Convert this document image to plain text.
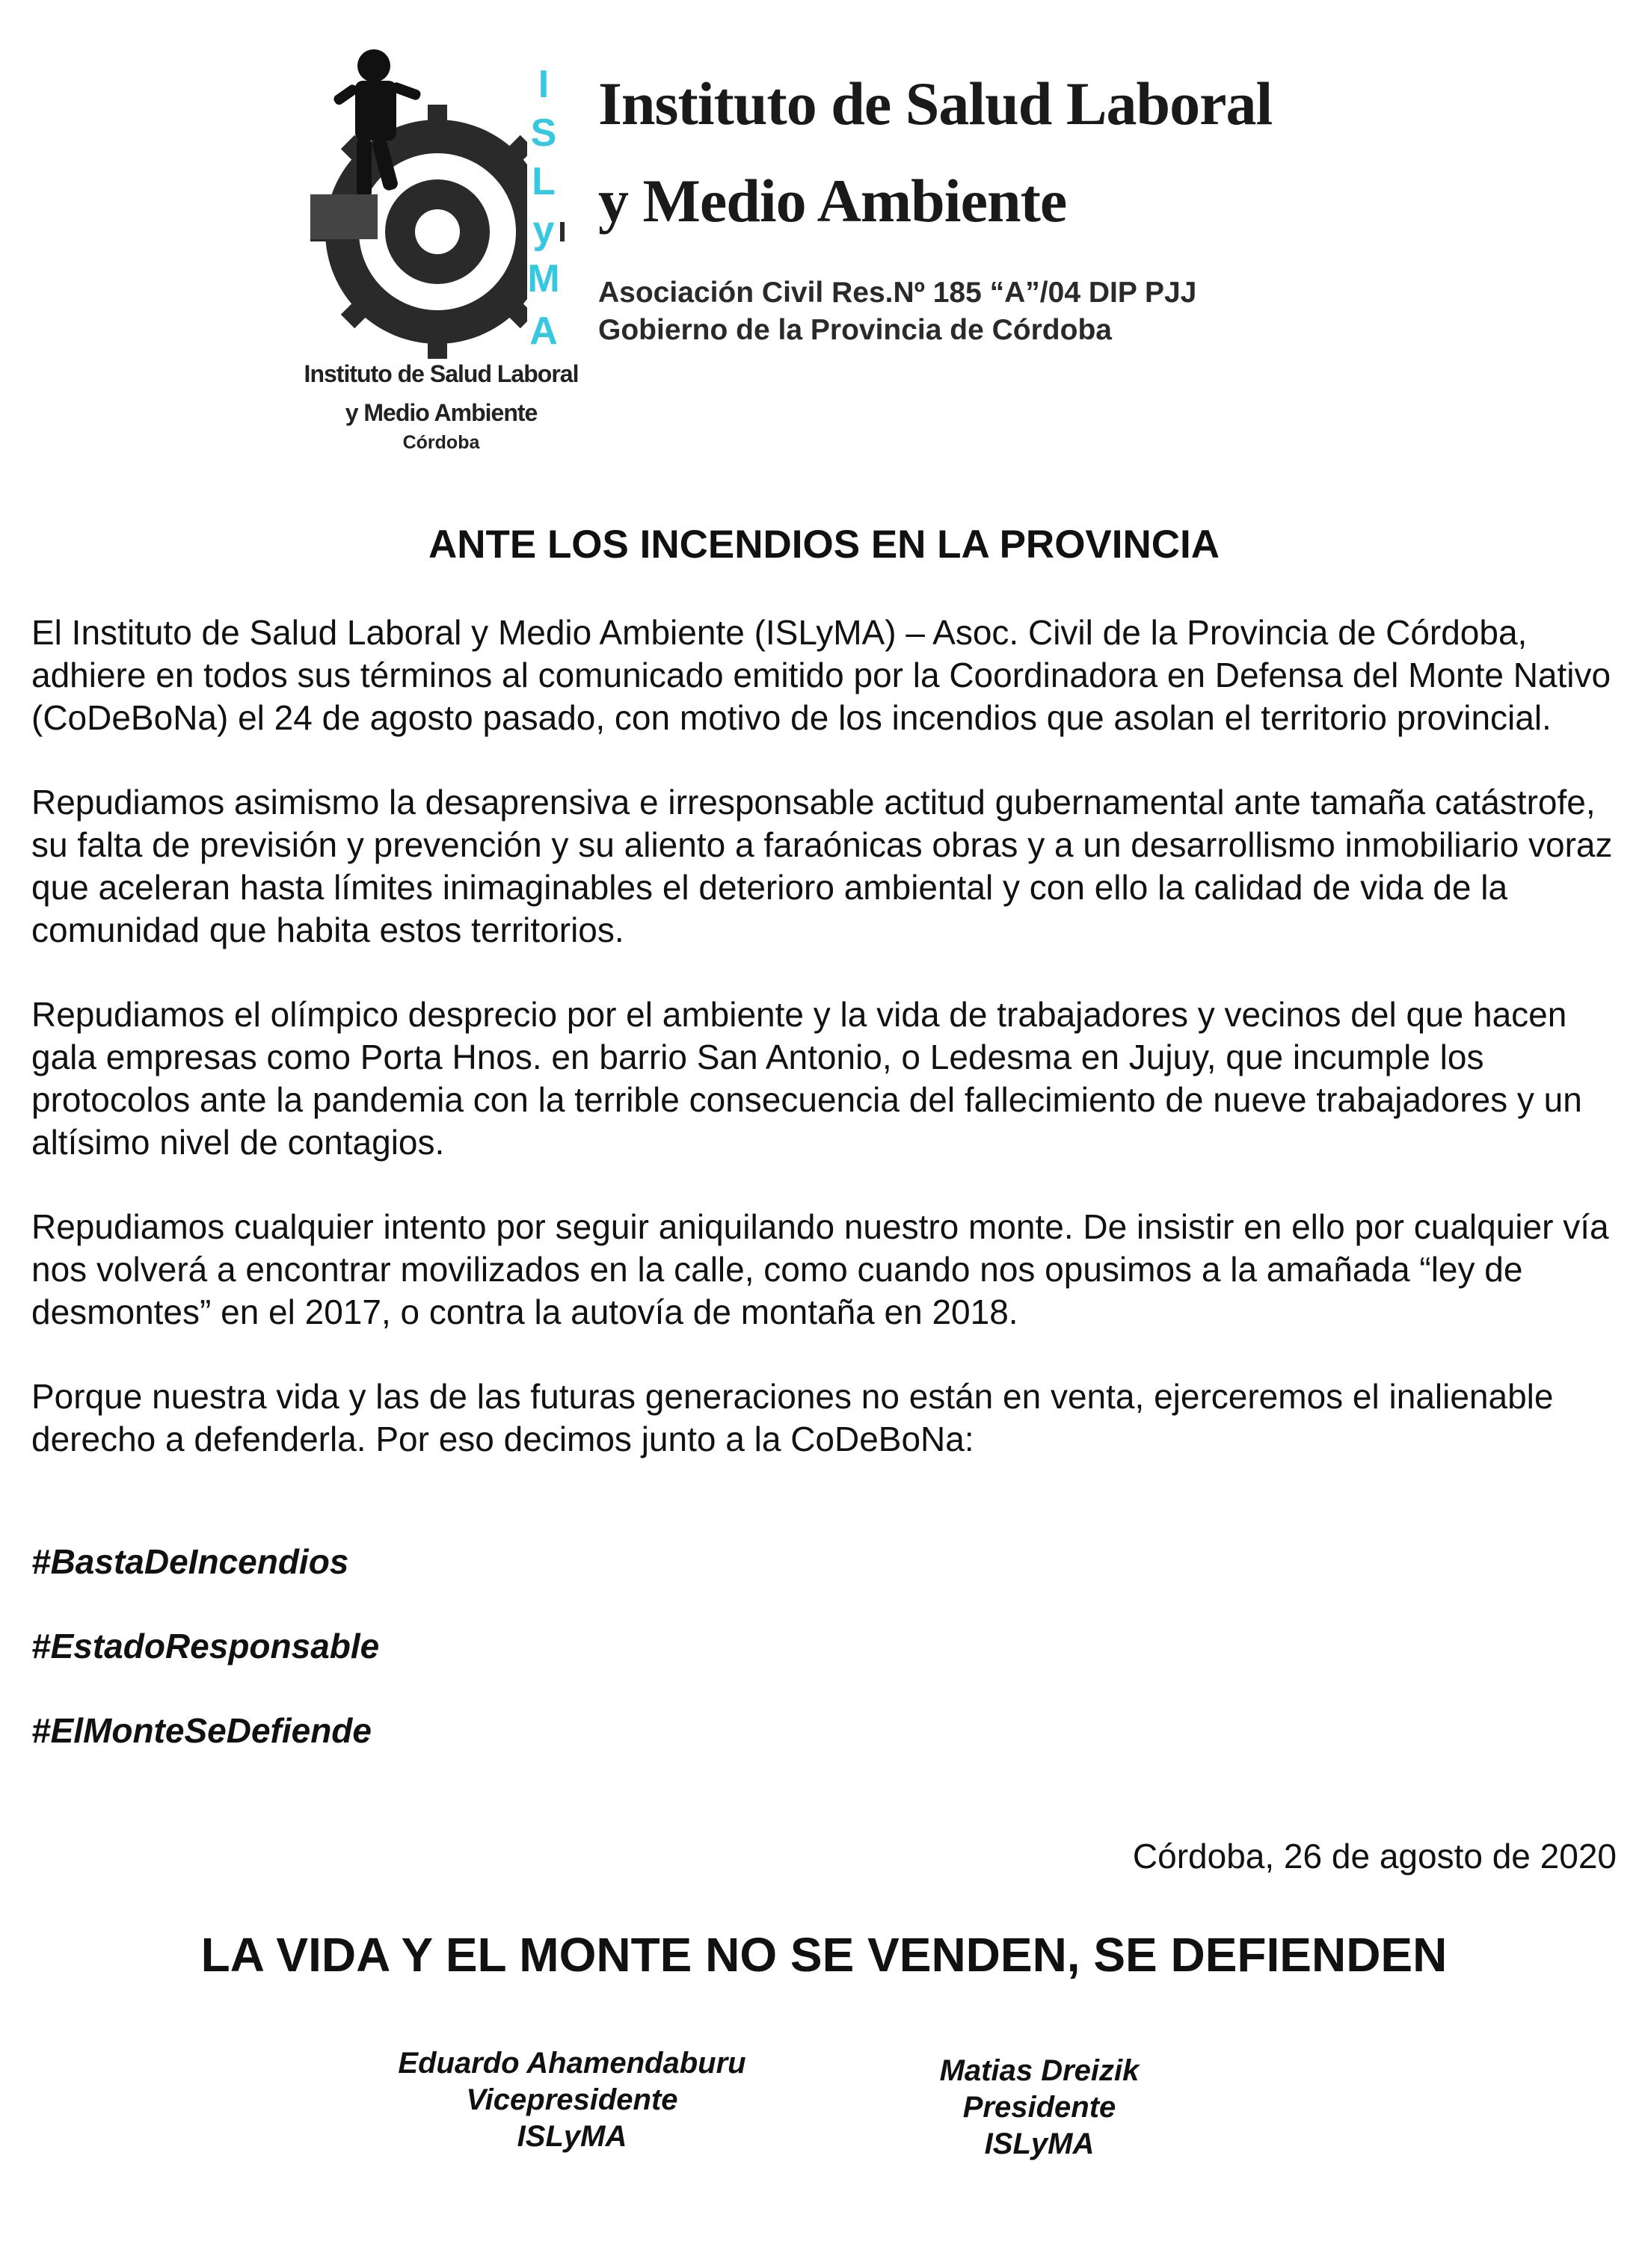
I
S
L
y
M
A
Instituto de Salud Laboral
y Medio Ambiente
Córdoba
Instituto de Salud Laboral
y Medio Ambiente
Asociación Civil Res.Nº 185 “A”/04 DIP PJJ
Gobierno de la Provincia de Córdoba
ANTE LOS INCENDIOS EN LA PROVINCIA

El Instituto de Salud Laboral y Medio Ambiente (ISLyMA) – Asoc. Civil de la Provincia de Córdoba, adhiere en todos sus términos al comunicado emitido por la Coordinadora en Defensa del Monte Nativo (CoDeBoNa) el 24 de agosto pasado, con motivo de los incendios que asolan el territorio provincial.

Repudiamos asimismo la desaprensiva e irresponsable actitud gubernamental ante tamaña catástrofe, su falta de previsión y prevención y su aliento a faraónicas obras y a un desarrollismo inmobiliario voraz que aceleran hasta límites inimaginables el deterioro ambiental y con ello la calidad de vida de la comunidad que habita estos territorios.

Repudiamos el olímpico desprecio por el ambiente y la vida de trabajadores y vecinos del que hacen gala empresas como Porta Hnos. en barrio San Antonio, o Ledesma en Jujuy, que incumple los protocolos ante la pandemia con la terrible consecuencia del fallecimiento de nueve trabajadores y un altísimo nivel de contagios.

Repudiamos cualquier intento por seguir aniquilando nuestro monte. De insistir en ello por cualquier vía nos volverá a encontrar movilizados en la calle, como cuando nos opusimos a la amañada “ley de desmontes” en el 2017, o contra la autovía de montaña en 2018.

Porque nuestra vida y las de las futuras generaciones no están en venta, ejerceremos el inalienable derecho a defenderla. Por eso decimos junto a la CoDeBoNa:

#BastaDeIncendios
#EstadoResponsable
#ElMonteSeDefiende
Córdoba, 26 de agosto de 2020
LA VIDA Y EL MONTE NO SE VENDEN, SE DEFIENDEN
Eduardo Ahamendaburu
Vicepresidente
ISLyMA
Matias Dreizik
Presidente
ISLyMA
